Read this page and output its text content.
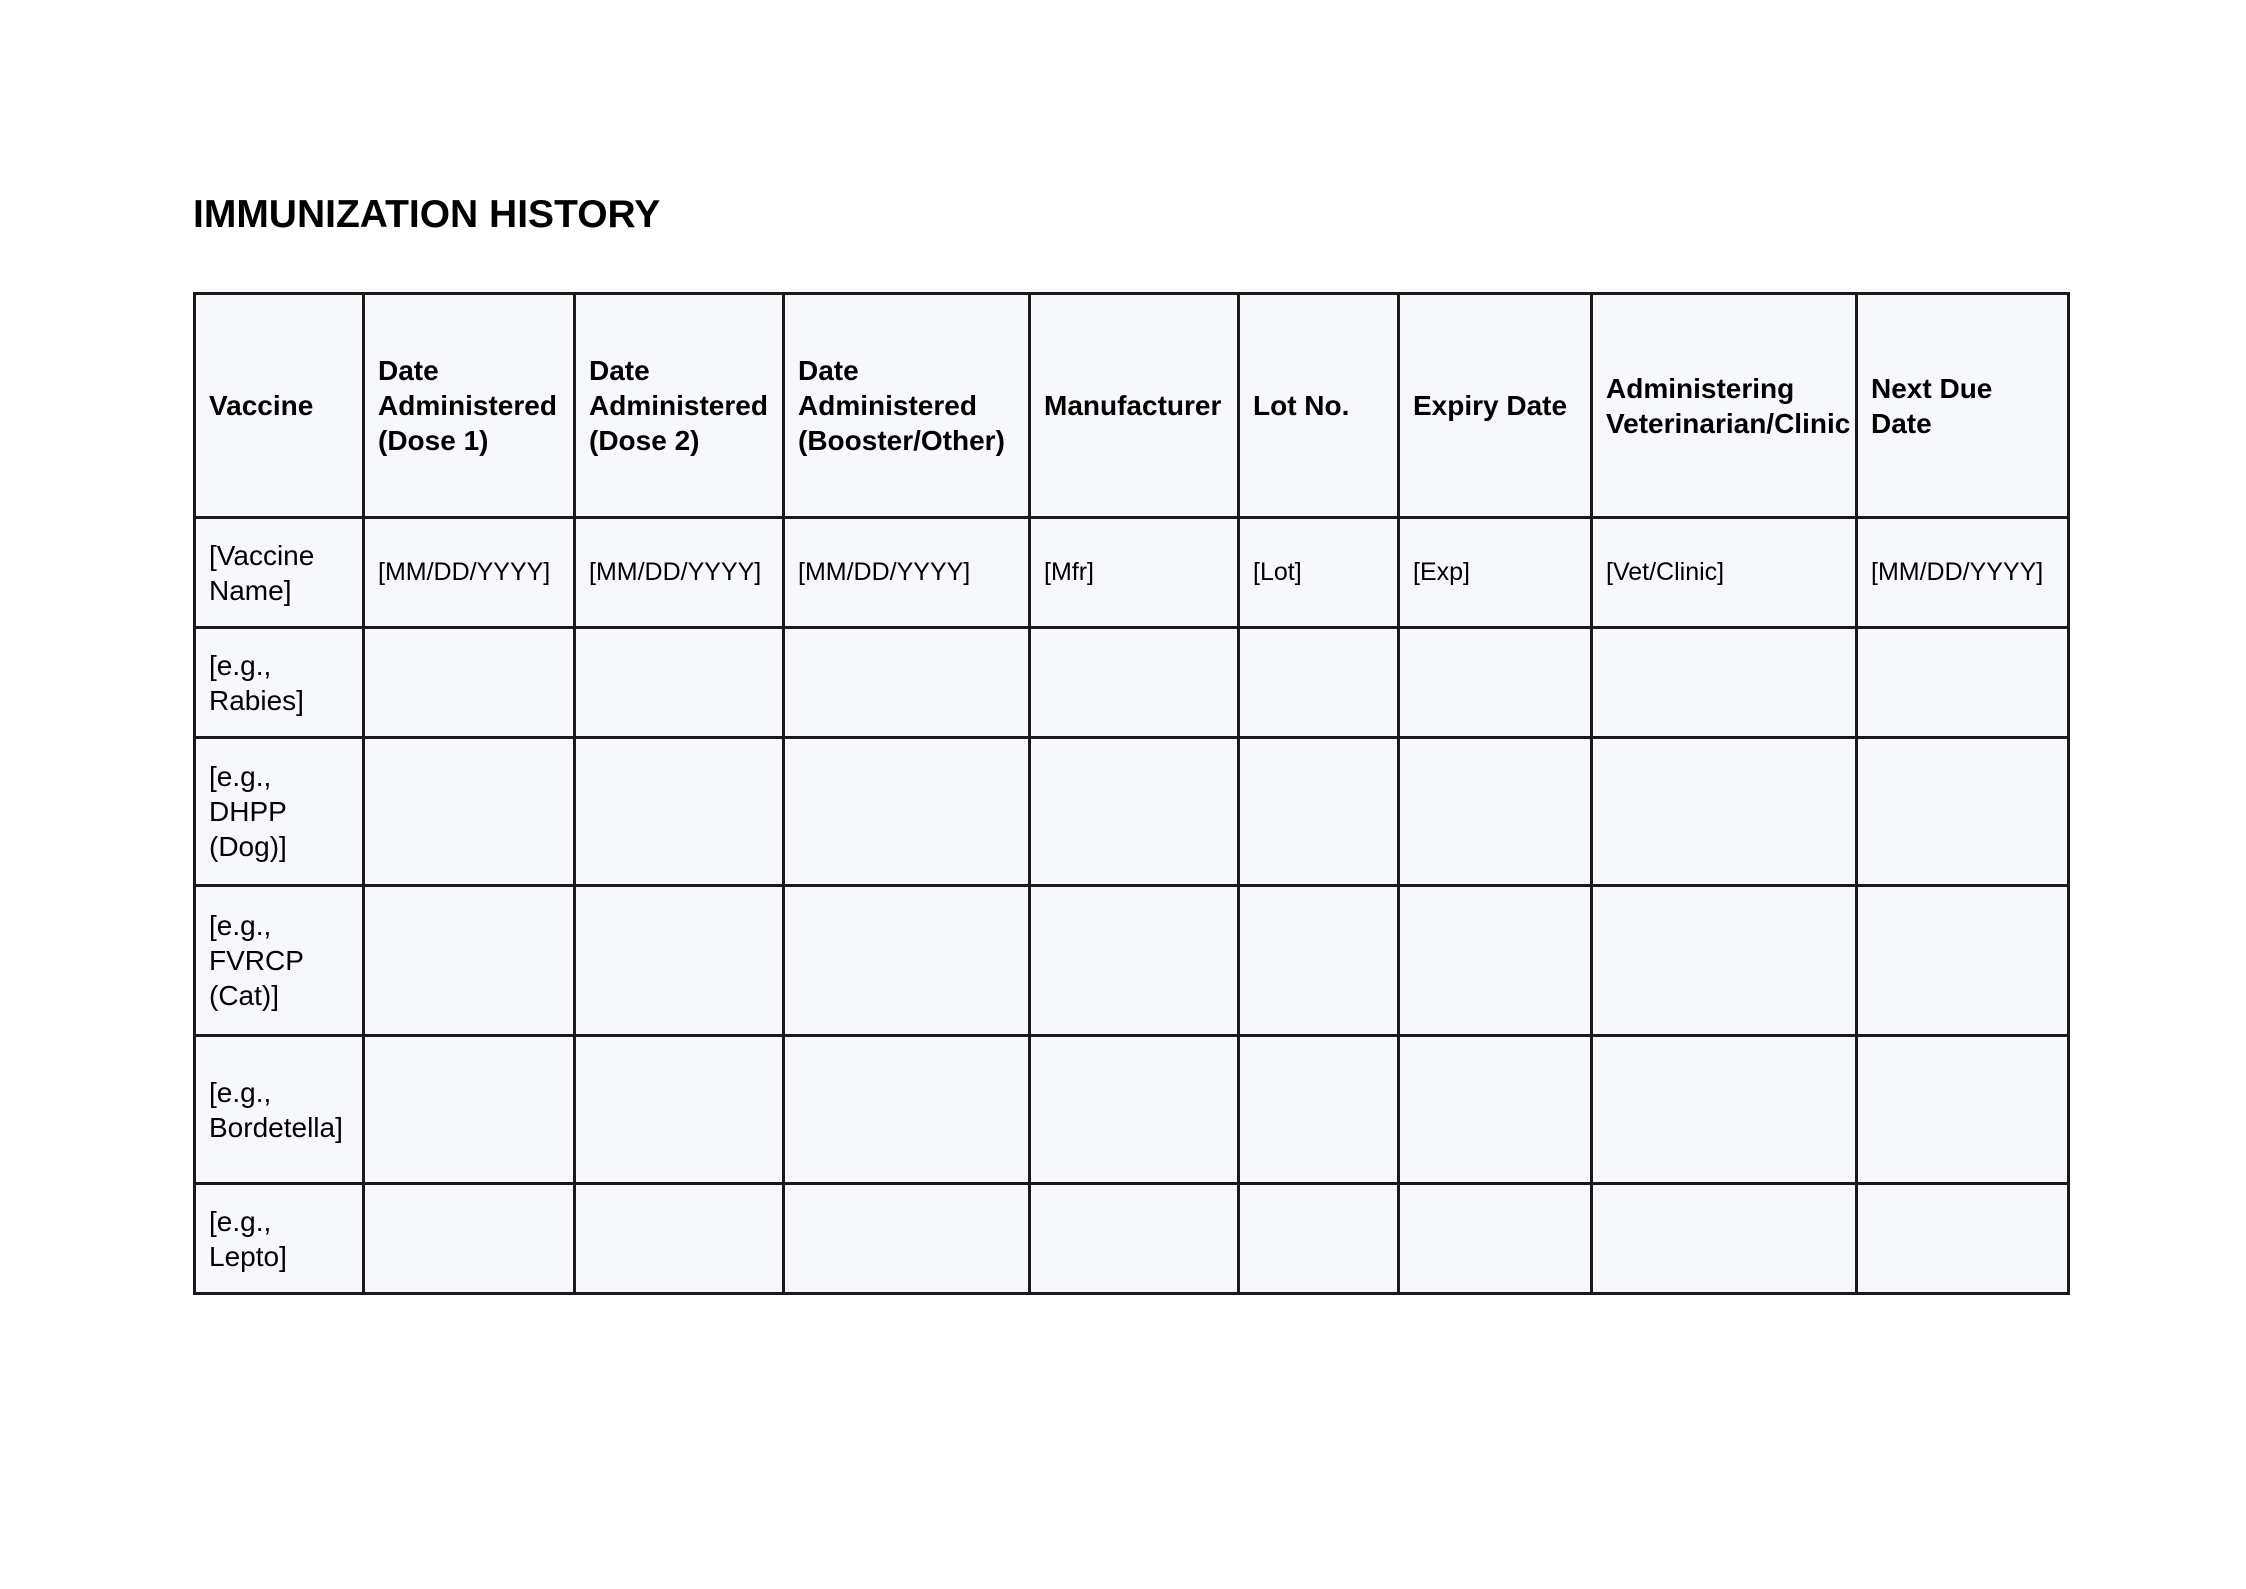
IMMUNIZATION HISTORY
Vaccine	Date Administered (Dose 1)	Date Administered (Dose 2)	Date Administered (Booster/Other)	Manufacturer	Lot No.	Expiry Date	Administering Veterinarian/Clinic	Next Due Date
[Vaccine Name]	[MM/DD/YYYY]	[MM/DD/YYYY]	[MM/DD/YYYY]	[Mfr]	[Lot]	[Exp]	[Vet/Clinic]	[MM/DD/YYYY]
[e.g., Rabies]								
[e.g., DHPP (Dog)]								
[e.g., FVRCP (Cat)]								
[e.g., Bordetella]								
[e.g., Lepto]								
